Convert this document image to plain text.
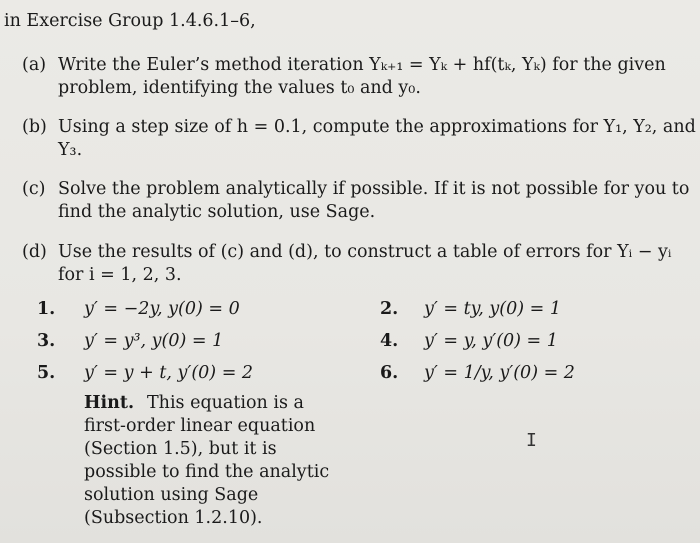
in Exercise Group 1.4.6.1–6,
(a) Write the Euler’s method iteration Yₖ₊₁ = Yₖ + hf(tₖ, Yₖ) for the given
problem, identifying the values t₀ and y₀.
(b) Using a step size of h = 0.1, compute the approximations for Y₁, Y₂, and
Y₃.
(c) Solve the problem analytically if possible. If it is not possible for you to
find the analytic solution, use Sage.
(d) Use the results of (c) and (d), to construct a table of errors for Yᵢ − yᵢ
for i = 1, 2, 3.
1. y′ = −2y, y(0) = 0	2. y′ = ty, y(0) = 1
3. y′ = y³, y(0) = 1	4. y′ = y, y′(0) = 1
5. y′ = y + t, y′(0) = 2	6. y′ = 1/y, y′(0) = 2
Hint. This equation is a
first-order linear equation
(Section 1.5), but it is
possible to find the analytic
solution using Sage
(Subsection 1.2.10).
I
